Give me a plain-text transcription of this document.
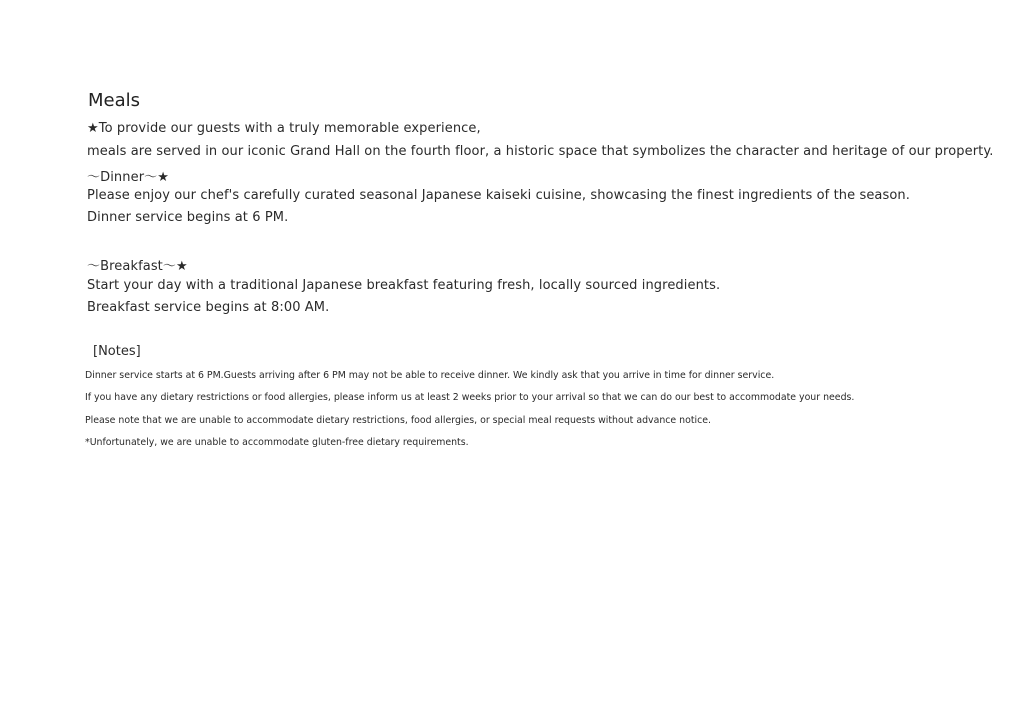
Meals
★To provide our guests with a truly memorable experience,
meals are served in our iconic Grand Hall on the fourth floor, a historic space that symbolizes the character and heritage of our property.
～Dinner～★
Please enjoy our chef's carefully curated seasonal Japanese kaiseki cuisine, showcasing the finest ingredients of the season.
Dinner service begins at 6 PM.
～Breakfast～★
Start your day with a traditional Japanese breakfast featuring fresh, locally sourced ingredients.
Breakfast service begins at 8:00 AM.
[Notes]
Dinner service starts at 6 PM.Guests arriving after 6 PM may not be able to receive dinner. We kindly ask that you arrive in time for dinner service.
If you have any dietary restrictions or food allergies, please inform us at least 2 weeks prior to your arrival so that we can do our best to accommodate your needs.
Please note that we are unable to accommodate dietary restrictions, food allergies, or special meal requests without advance notice.
*Unfortunately, we are unable to accommodate gluten-free dietary requirements.
